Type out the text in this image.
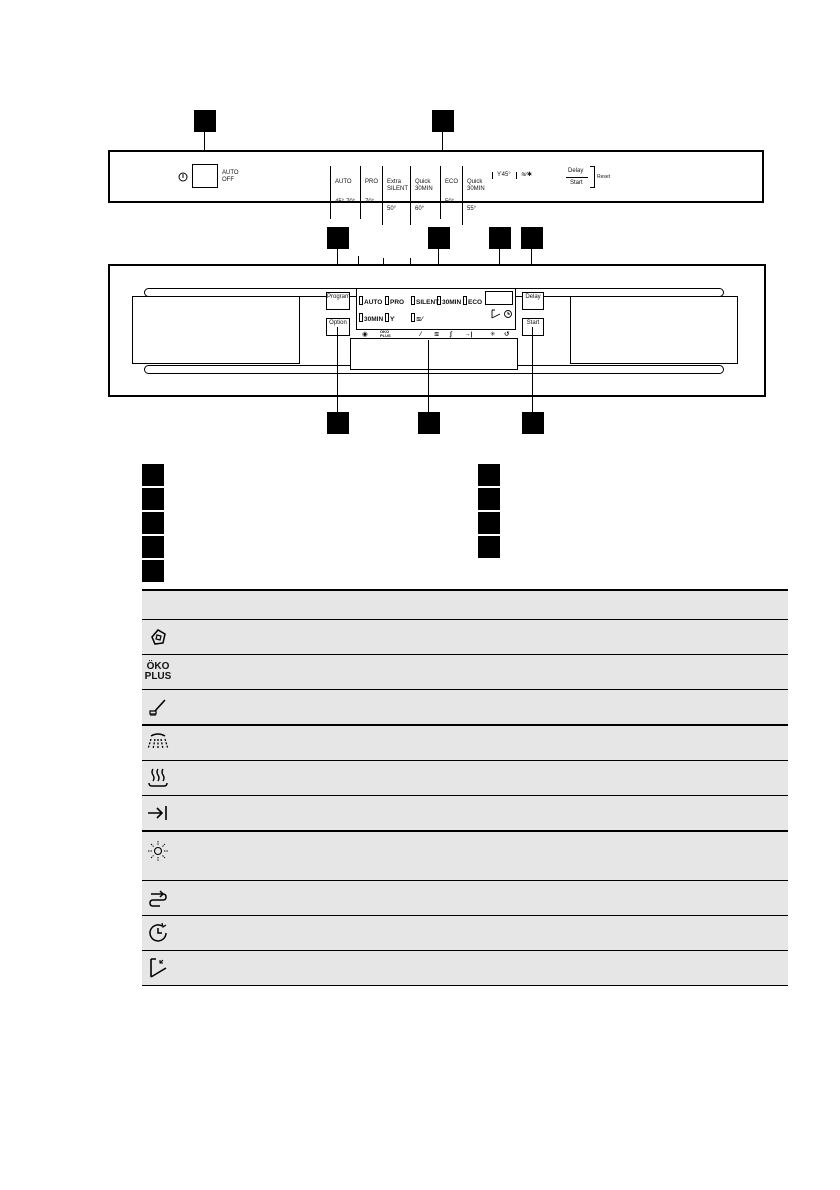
AUTO
OFF

	AUTO

45°-70°

PRO

70°

Extra
SILENT

50°

Quick
30MIN

60°

ECO

50°

Quick
30MIN

55°

Ƴ45°	≋∕✱
Delay
Start
Reset
Program
Option
Delay
Start
AUTO	PRO	SILENT 30MIN	ECO
30MIN	Ƴ	≋∕
◉	ÖKO
PLUS	∕ ≋ ∫ →|	✳ ↺
ÖKO
PLUS
